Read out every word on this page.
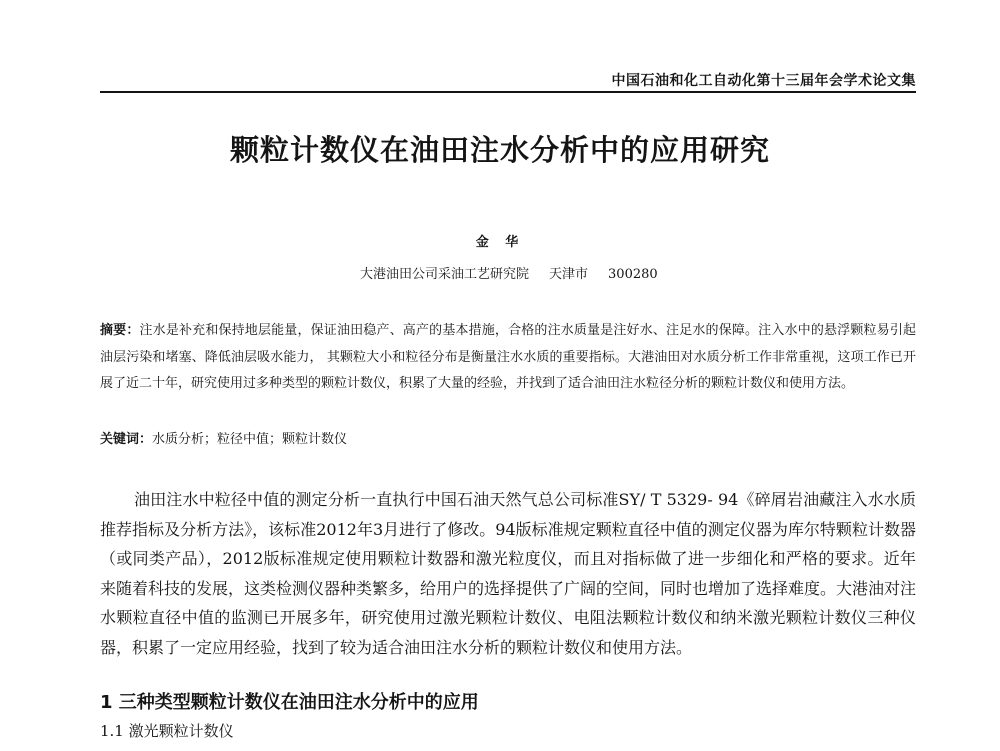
中国石油和化工自动化第十三届年会学术论文集
颗粒计数仪在油田注水分析中的应用研究
金 华
大港油田公司采油工艺研究院 天津市 300280
摘要：注水是补充和保持地层能量，保证油田稳产、高产的基本措施，合格的注水质量是注好水、注足水的保障。注入水中的悬浮颗粒易引起油层污染和堵塞、降低油层吸水能力， 其颗粒大小和粒径分布是衡量注水水质的重要指标。大港油田对水质分析工作非常重视，这项工作已开展了近二十年，研究使用过多种类型的颗粒计数仪，积累了大量的经验，并找到了适合油田注水粒径分析的颗粒计数仪和使用方法。
关键词：水质分析；粒径中值；颗粒计数仪
油田注水中粒径中值的测定分析一直执行中国石油天然气总公司标准SY/ T 5329- 94《碎屑岩油藏注入水水质推荐指标及分析方法》，该标准2012年3月进行了修改。94版标准规定颗粒直径中值的测定仪器为库尔特颗粒计数器（或同类产品），2012版标准规定使用颗粒计数器和激光粒度仪，而且对指标做了进一步细化和严格的要求。近年来随着科技的发展，这类检测仪器种类繁多，给用户的选择提供了广阔的空间，同时也增加了选择难度。大港油对注水颗粒直径中值的监测已开展多年，研究使用过激光颗粒计数仪、电阻法颗粒计数仪和纳米激光颗粒计数仪三种仪器，积累了一定应用经验，找到了较为适合油田注水分析的颗粒计数仪和使用方法。
1 三种类型颗粒计数仪在油田注水分析中的应用
1.1 激光颗粒计数仪
